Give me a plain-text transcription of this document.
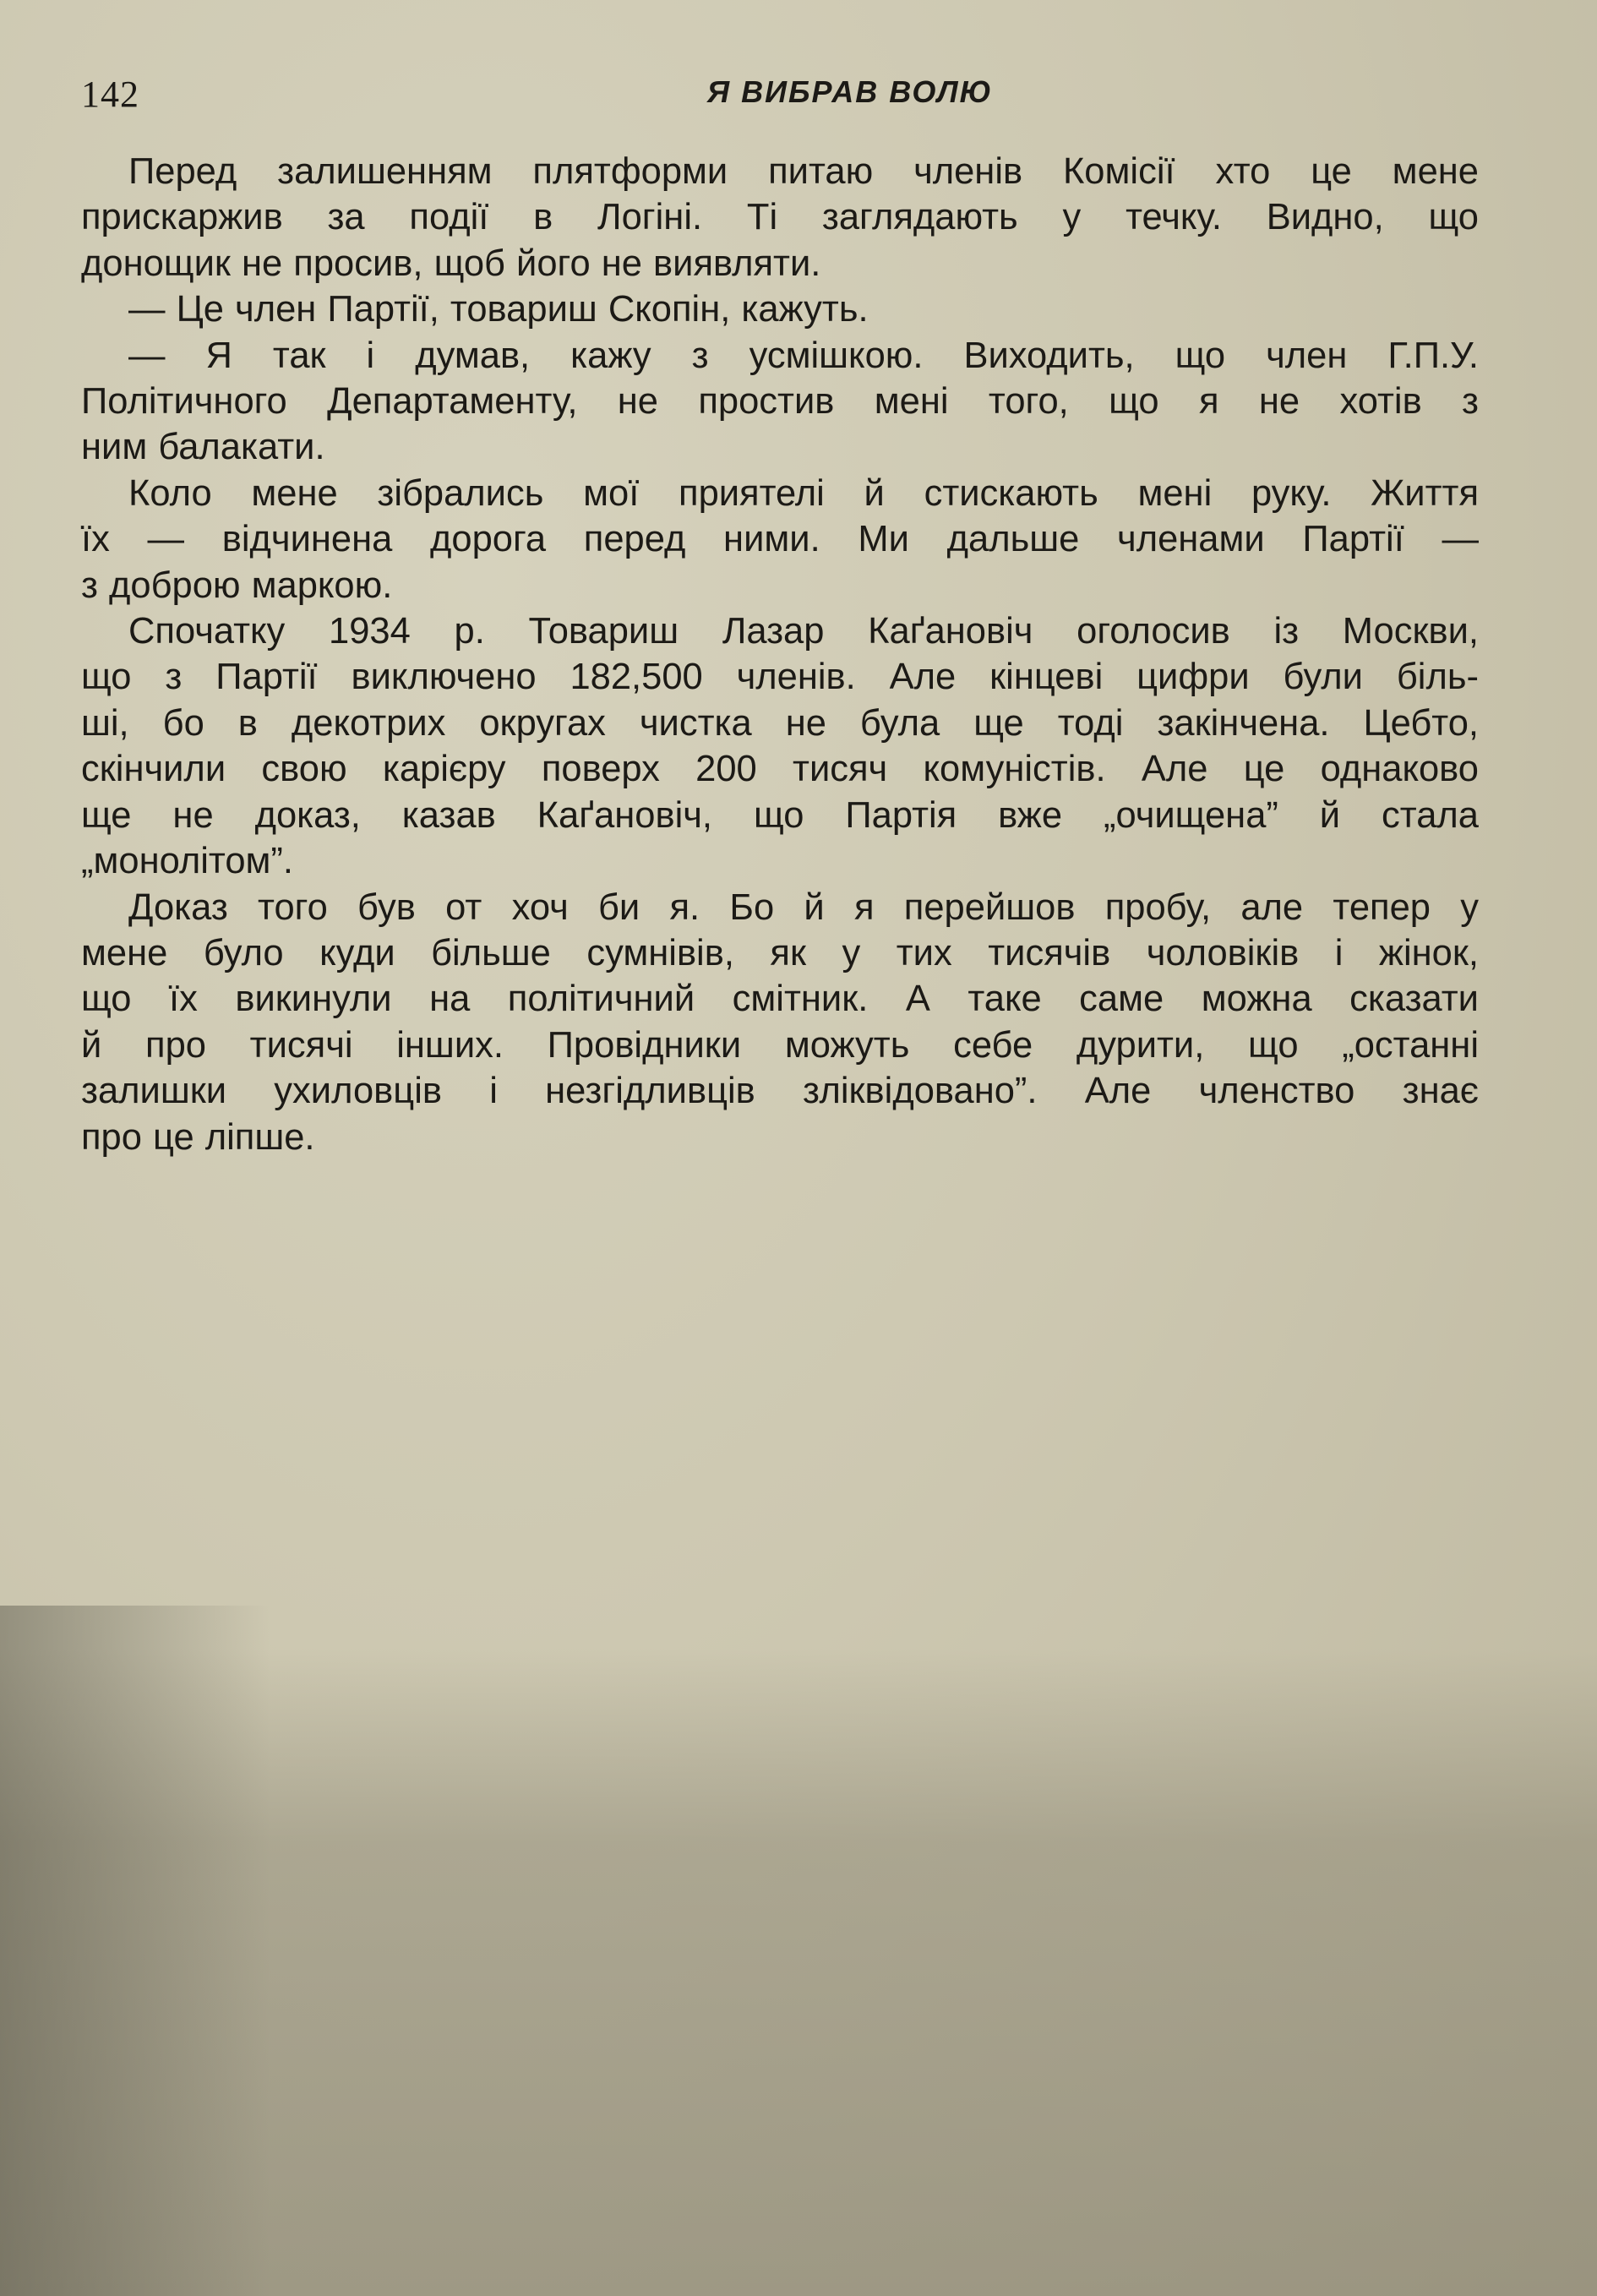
142	Я ВИБРАВ ВОЛЮ

Перед залишенням плятформи питаю членів Комісії хто це мене
прискаржив за події в Логіні. Ті заглядають у течку. Видно, що
донощик не просив, щоб його не виявляти.

— Це член Партії, товариш Скопін, кажуть.

— Я так і думав, кажу з усмішкою. Виходить, що член Г.П.У.
Політичного Департаменту, не простив мені того, що я не хотів з
ним балакати.

Коло мене зібрались мої приятелі й стискають мені руку. Життя
їх — відчинена дорога перед ними. Ми дальше членами Партії —
з доброю маркою.

Спочатку 1934 р. Товариш Лазар Каґановіч оголосив із Москви,
що з Партії виключено 182,500 членів. Але кінцеві цифри були біль-
ші, бо в декотрих округах чистка не була ще тоді закінчена. Цебто,
скінчили свою карієру поверх 200 тисяч комуністів. Але це однаково
ще не доказ, казав Каґановіч, що Партія вже „очищена” й стала
„монолітом”.

Доказ того був от хоч би я. Бо й я перейшов пробу, але тепер у
мене було куди більше сумнівів, як у тих тисячів чоловіків і жінок,
що їх викинули на політичний смітник. А таке саме можна сказати
й про тисячі інших. Провідники можуть себе дурити, що „останні
залишки ухиловців і незгідливців зліквідовано”. Але членство знає
про це ліпше.
